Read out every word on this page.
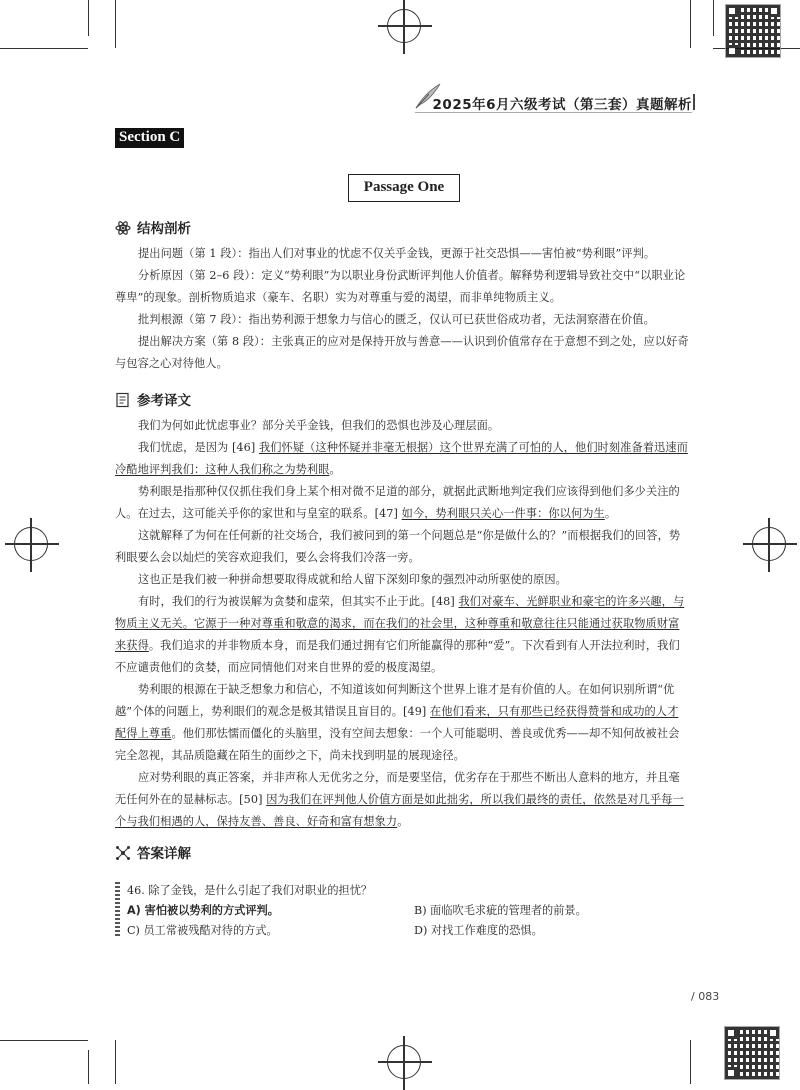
2025年6月六级考试（第三套）真题解析
Section C
Passage One
结构剖析
提出问题（第 1 段）：指出人们对事业的忧虑不仅关乎金钱，更源于社交恐惧——害怕被“势利眼”评判。
分析原因（第 2–6 段）：定义“势利眼”为以职业身份武断评判他人价值者。解释势利逻辑导致社交中“以职业论尊卑”的现象。剖析物质追求（豪车、名职）实为对尊重与爱的渴望，而非单纯物质主义。
批判根源（第 7 段）：指出势利源于想象力与信心的匮乏，仅认可已获世俗成功者，无法洞察潜在价值。
提出解决方案（第 8 段）：主张真正的应对是保持开放与善意——认识到价值常存在于意想不到之处，应以好奇与包容之心对待他人。
参考译文
我们为何如此忧虑事业？部分关乎金钱，但我们的恐惧也涉及心理层面。
我们忧虑，是因为 [46] 我们怀疑（这种怀疑并非毫无根据）这个世界充满了可怕的人，他们时刻准备着迅速而冷酷地评判我们：这种人我们称之为势利眼。
势利眼是指那种仅仅抓住我们身上某个相对微不足道的部分，就据此武断地判定我们应该得到他们多少关注的人。在过去，这可能关乎你的家世和与皇室的联系。[47] 如今，势利眼只关心一件事：你以何为生。
这就解释了为何在任何新的社交场合，我们被问到的第一个问题总是“你是做什么的？”而根据我们的回答，势利眼要么会以灿烂的笑容欢迎我们，要么会将我们冷落一旁。
这也正是我们被一种拼命想要取得成就和给人留下深刻印象的强烈冲动所驱使的原因。
有时，我们的行为被误解为贪婪和虚荣，但其实不止于此。[48] 我们对豪车、光鲜职业和豪宅的许多兴趣，与物质主义无关。它源于一种对尊重和敬意的渴求，而在我们的社会里，这种尊重和敬意往往只能通过获取物质财富来获得。我们追求的并非物质本身，而是我们通过拥有它们所能赢得的那种“爱”。下次看到有人开法拉利时，我们不应谴责他们的贪婪，而应同情他们对来自世界的爱的极度渴望。
势利眼的根源在于缺乏想象力和信心，不知道该如何判断这个世界上谁才是有价值的人。在如何识别所谓“优越”个体的问题上，势利眼们的观念是极其错误且盲目的。[49] 在他们看来，只有那些已经获得赞誉和成功的人才配得上尊重。他们那怯懦而僵化的头脑里，没有空间去想象：一个人可能聪明、善良或优秀——却不知何故被社会完全忽视，其品质隐藏在陌生的面纱之下，尚未找到明显的展现途径。
应对势利眼的真正答案，并非声称人无优劣之分，而是要坚信，优劣存在于那些不断出人意料的地方，并且毫无任何外在的显赫标志。[50] 因为我们在评判他人价值方面是如此拙劣，所以我们最终的责任，依然是对几乎每一个与我们相遇的人，保持友善、善良、好奇和富有想象力。
答案详解
46. 除了金钱，是什么引起了我们对职业的担忧？
A) 害怕被以势利的方式评判。	B) 面临吹毛求疵的管理者的前景。
C) 员工常被残酷对待的方式。	D) 对找工作难度的恐惧。
/ 083
